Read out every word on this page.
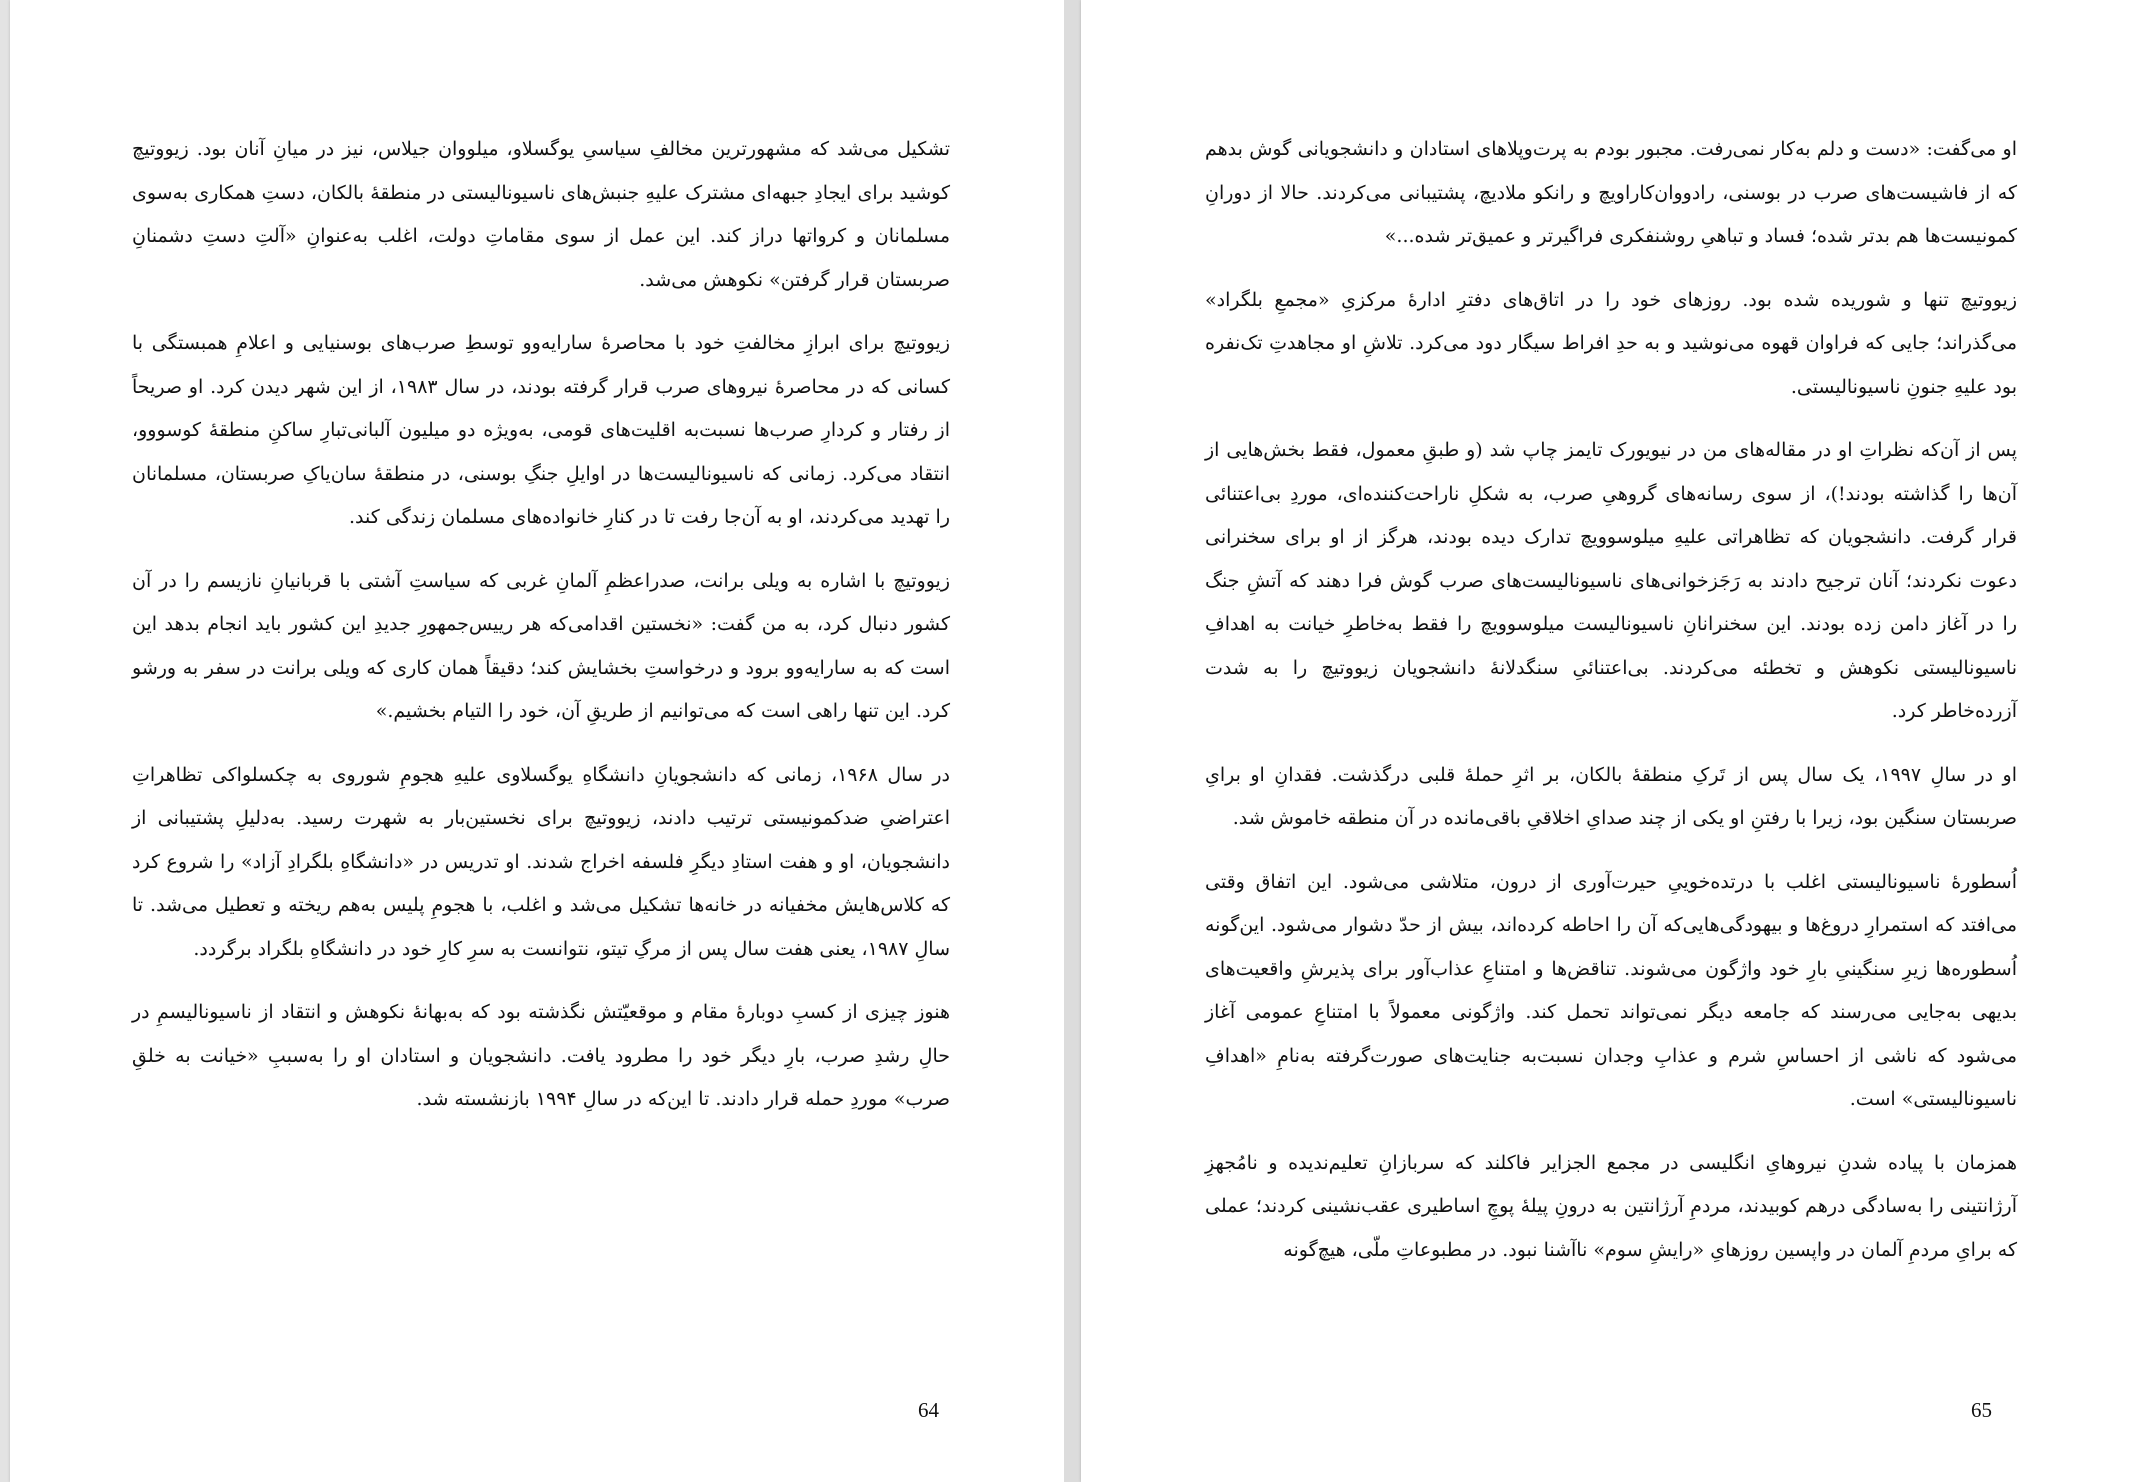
تشکیل می‌شد که مشهورترین مخالفِ سیاسیِ یوگسلاو، میلووان جیلاس، نیز در میانِ آنان بود. زیووتیچ کوشید برای ایجادِ جبهه‌ای مشترک علیهِ جنبش‌های ناسیونالیستی در منطقهٔ بالکان، دستِ همکاری به‌سوی مسلمانان و کرواتها دراز کند. این عمل از سوی مقاماتِ دولت، اغلب به‌عنوانِ «آلتِ دستِ دشمنانِ صربستان قرار گرفتن» نکوهش می‌شد.

زیووتیچ برای ابرازِ مخالفتِ خود با محاصرهٔ سارایه‌وو توسطِ صرب‌های بوسنیایی و اعلامِ همبستگی با کسانی که در محاصرهٔ نیروهای صرب قرار گرفته بودند، در سال ۱۹۸۳، از این شهر دیدن کرد. او صریحاً از رفتار و کردارِ صرب‌ها نسبت‌به اقلیت‌های قومی، به‌ویژه دو میلیون آلبانی‌تبارِ ساکنِ منطقهٔ کوسووو، انتقاد می‌کرد. زمانی که ناسیونالیست‌ها در اوایلِ جنگِ بوسنی، در منطقهٔ سان‌یاکِ صربستان، مسلمانان را تهدید می‌کردند، او به آن‌جا رفت تا در کنارِ خانواده‌های مسلمان زندگی کند.

زیووتیچ با اشاره به ویلی برانت، صدراعظمِ آلمانِ غربی که سیاستِ آشتی با قربانیانِ نازیسم را در آن کشور دنبال کرد، به من گفت: «نخستین اقدامی‌که هر رییس‌جمهورِ جدیدِ این کشور باید انجام بدهد این است که به سارایه‌وو برود و درخواستِ بخشایش کند؛ دقیقاً همان کاری که ویلی برانت در سفر به ورشو کرد. این تنها راهی است که می‌توانیم از طریقِ آن، خود را التیام بخشیم.»

در سال ۱۹۶۸، زمانی که دانشجویانِ دانشگاهِ یوگسلاوی علیهِ هجومِ شوروی به چکسلواکی تظاهراتِ اعتراضیِ ضدکمونیستی ترتیب دادند، زیووتیچ برای نخستین‌بار به شهرت رسید. به‌دلیلِ پشتیبانی از دانشجویان، او و هفت استادِ دیگرِ فلسفه اخراج شدند. او تدریس در «دانشگاهِ بلگرادِ آزاد» را شروع کرد که کلاس‌هایش مخفیانه در خانه‌ها تشکیل می‌شد و اغلب، با هجومِ پلیس به‌هم ریخته و تعطیل می‌شد. تا سالِ ۱۹۸۷، یعنی هفت سال پس از مرگِ تیتو، نتوانست به سرِ کارِ خود در دانشگاهِ بلگراد برگردد.

هنوز چیزی از کسبِ دوبارهٔ مقام و موقعیّتش نگذشته بود که به‌بهانهٔ نکوهش و انتقاد از ناسیونالیسمِ در حالِ رشدِ صرب، بارِ دیگر خود را مطرود یافت. دانشجویان و استادان او را به‌سببِ «خیانت به خلقِ صرب» موردِ حمله قرار دادند. تا این‌که در سالِ ۱۹۹۴ بازنشسته شد.

64

او می‌گفت: «دست و دلم به‌کار نمی‌رفت. مجبور بودم به پرت‌وپلاهای استادان و دانشجویانی گوش بدهم که از فاشیست‌های صرب در بوسنی، رادووان‌کاراویچ و رانکو ملادیچ، پشتیبانی می‌کردند. حالا از دورانِ کمونیست‌ها هم بدتر شده؛ فساد و تباهیِ روشنفکری فراگیرتر و عمیق‌تر شده...»

زیووتیچ تنها و شوریده شده بود. روزهای خود را در اتاق‌های دفترِ ادارهٔ مرکزیِ «مجمعِ بلگراد» می‌گذراند؛ جایی که فراوان قهوه می‌نوشید و به حدِ افراط سیگار دود می‌کرد. تلاشِ او مجاهدتِ تک‌نفره بود علیهِ جنونِ ناسیونالیستی.

پس از آن‌که نظراتِ او در مقاله‌های من در نیویورک تایمز چاپ شد (و طبقِ معمول، فقط بخش‌هایی از آن‌ها را گذاشته بودند!)، از سوی رسانه‌های گروهیِ صرب، به شکلِ ناراحت‌کننده‌ای، موردِ بی‌اعتنائی قرار گرفت. دانشجویان که تظاهراتی علیهِ میلوسوویچ تدارک دیده بودند، هرگز از او برای سخنرانی دعوت نکردند؛ آنان ترجیح دادند به رَجَزخوانی‌های ناسیونالیست‌های صرب گوش فرا دهند که آتشِ جنگ را در آغاز دامن زده بودند. این سخنرانانِ ناسیونالیست میلوسوویچ را فقط به‌خاطرِ خیانت به اهدافِ ناسیونالیستی نکوهش و تخطئه می‌کردند. بی‌اعتنائیِ سنگدلانهٔ دانشجویان زیووتیچ را به شدت آزرده‌خاطر کرد.

او در سالِ ۱۹۹۷، یک سال پس از تَرکِ منطقهٔ بالکان، بر اثرِ حملهٔ قلبی درگذشت. فقدانِ او برایِ صربستان سنگین بود، زیرا با رفتنِ او یکی از چند صدایِ اخلاقیِ باقی‌مانده در آن منطقه خاموش شد.

اُسطورهٔ ناسیونالیستی اغلب با درتده‌خوییِ حیرت‌آوری از درون، متلاشی می‌شود. این اتفاق وقتی می‌افتد که استمرارِ دروغ‌ها و بیهودگی‌هایی‌که آن را احاطه کرده‌اند، بیش از حدّ دشوار می‌شود. این‌گونه اُسطوره‌ها زیرِ سنگینیِ بارِ خود واژگون می‌شوند. تناقض‌ها و امتناعِ عذاب‌آور برای پذیرشِ واقعیت‌های بدیهی به‌جایی می‌رسند که جامعه دیگر نمی‌تواند تحمل کند. واژگونی معمولاً با امتناعِ عمومی آغاز می‌شود که ناشی از احساسِ شرم و عذابِ وجدان نسبت‌به جنایت‌های صورت‌گرفته به‌نامِ «اهدافِ ناسیونالیستی» است.

همزمان با پیاده شدنِ نیروهایِ انگلیسی در مجمع الجزایر فاکلند که سربازانِ تعلیم‌ندیده و نامُجهزِ آرژانتینی را به‌سادگی درهم کوبیدند، مردمِ آرژانتین به درونِ پیلهٔ پوچِ اساطیری عقب‌نشینی کردند؛ عملی که برایِ مردمِ آلمان در واپسین روزهایِ «رایشِ سوم» ناآشنا نبود. در مطبوعاتِ ملّی، هیچ‌گونه

65
